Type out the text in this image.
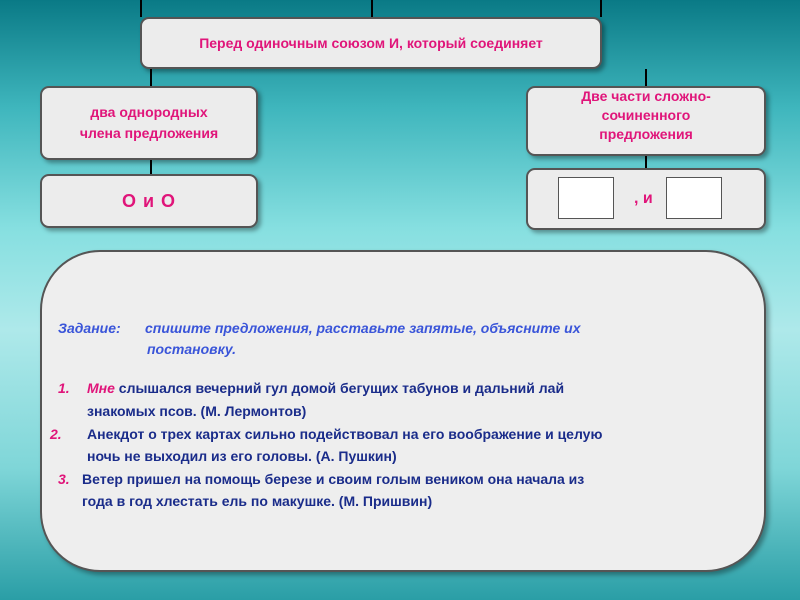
Перед одиночным союзом И, который соединяет
два однородных
члена предложения
Две части сложно-
сочиненного
предложения
О и О	, и
Задание: спишите предложения, расставьте запятые, объясните их
постановку.
1. Мне слышался вечерний гул домой бегущих табунов и дальний лай
знакомых псов. (М. Лермонтов)
2. Анекдот о трех картах сильно подействовал на его воображение и целую
ночь не выходил из его головы. (А. Пушкин)
3. Ветер пришел на помощь березе и своим голым веником она начала из
года в год хлестать ель по макушке. (М. Пришвин)
